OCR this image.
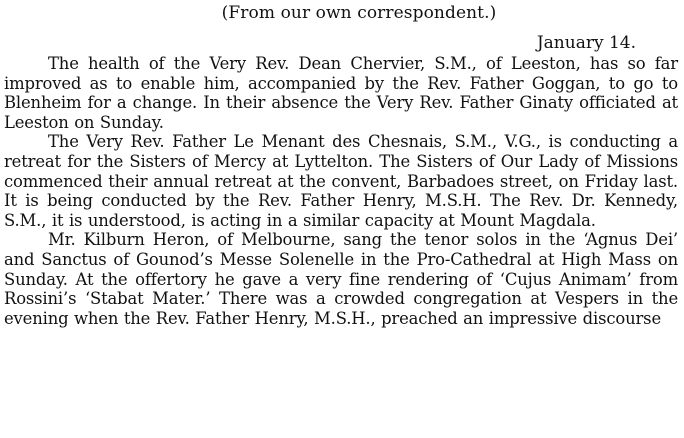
(From our own correspondent.)
January 14.

The health of the Very Rev. Dean Chervier, S.M., of Leeston, has so far improved as to enable him, accompanied by the Rev. Father Goggan, to go to Blenheim for a change. In their absence the Very Rev. Father Ginaty officiated at Leeston on Sunday.

The Very Rev. Father Le Menant des Chesnais, S.M., V.G., is conducting a retreat for the Sisters of Mercy at Lyttelton. The Sisters of Our Lady of Missions commenced their annual retreat at the convent, Barbadoes street, on Friday last. It is being conducted by the Rev. Father Henry, M.S.H. The Rev. Dr. Kennedy, S.M., it is understood, is acting in a similar capacity at Mount Magdala.

Mr. Kilburn Heron, of Melbourne, sang the tenor solos in the ‘Agnus Dei’ and Sanctus of Gounod’s Messe Solenelle in the Pro-Cathedral at High Mass on Sunday. At the offertory he gave a very fine rendering of ‘Cujus Animam’ from Rossini’s ‘Stabat Mater.’ There was a crowded congregation at Vespers in the evening when the Rev. Father Henry, M.S.H., preached an impressive discourse
